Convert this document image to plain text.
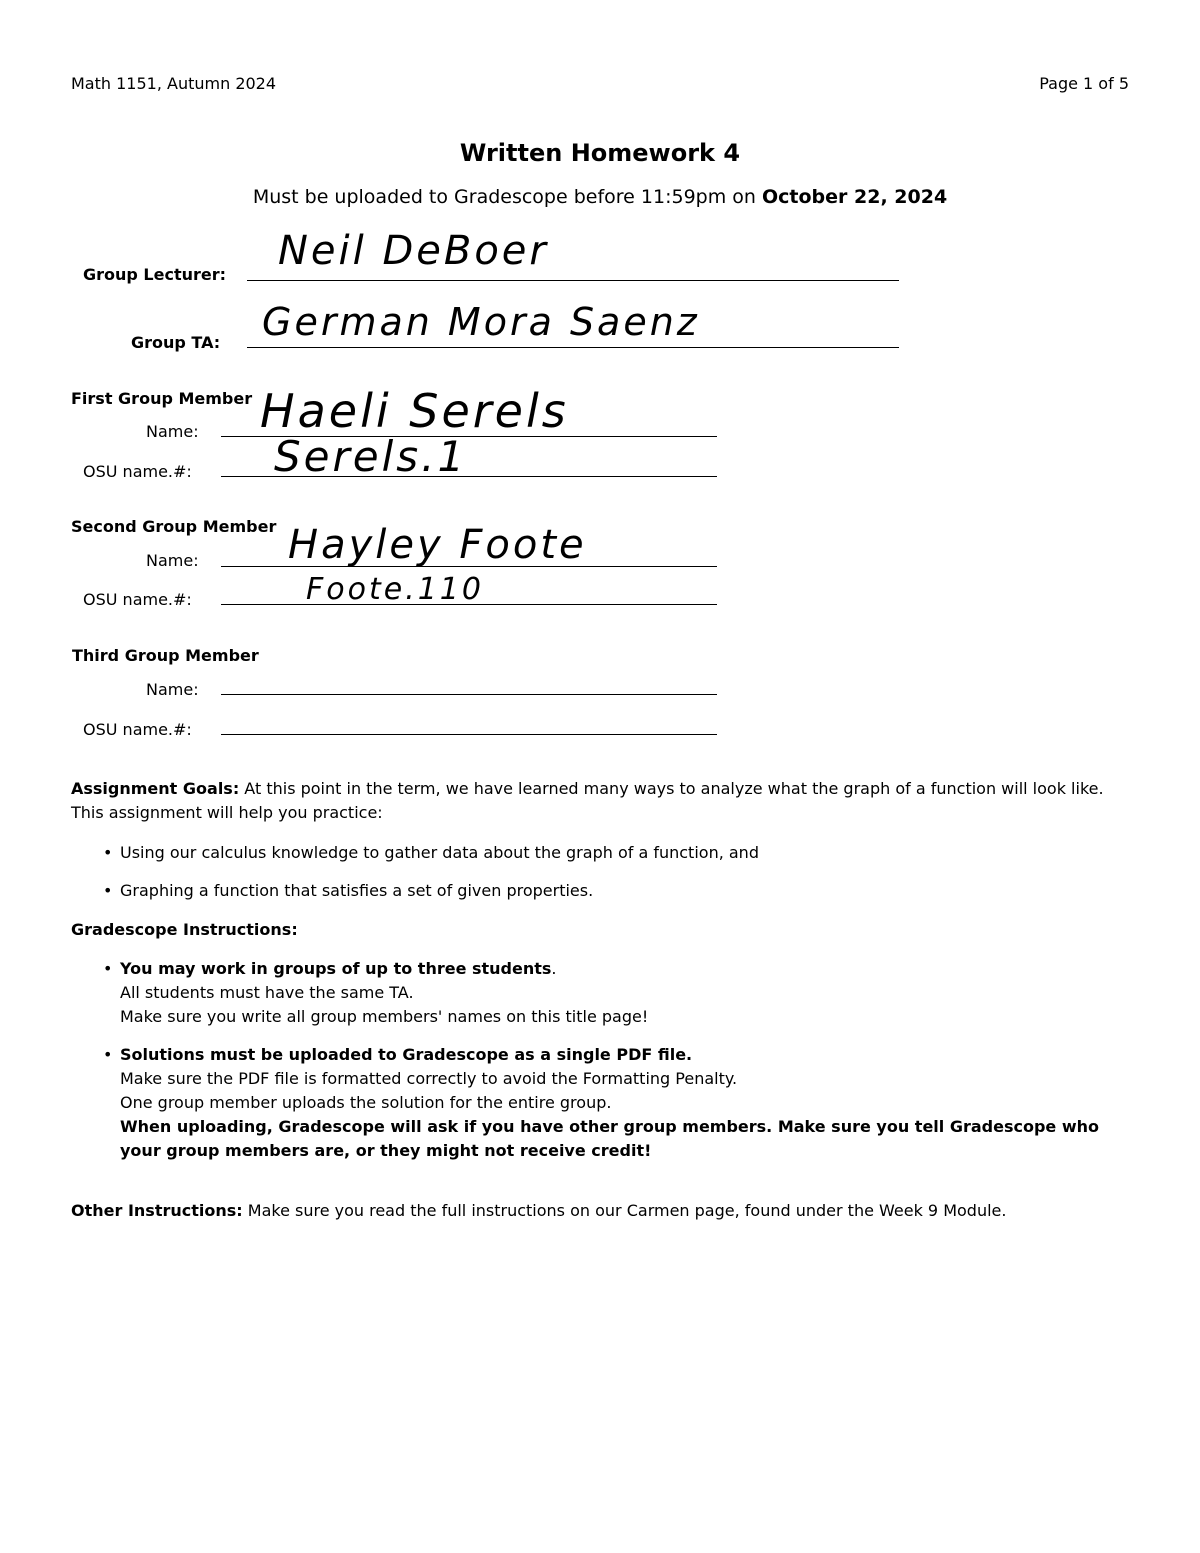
Math 1151, Autumn 2024	Page 1 of 5
Written Homework 4
Must be uploaded to Gradescope before 11:59pm on October 22, 2024
Group Lecturer:
Neil DeBoer
Group TA: German Mora Saenz
First Group Member
Name: Haeli Serels
OSU name.#: Serels.1
Second Group Member
Name: Hayley Foote
OSU name.#:	Foote.110
Third Group Member
Name:
OSU name.#:
Assignment Goals: At this point in the term, we have learned many ways to analyze what the graph of a function will look like. This assignment will help you practice:
• Using our calculus knowledge to gather data about the graph of a function, and
• Graphing a function that satisfies a set of given properties.
Gradescope Instructions:
• You may work in groups of up to three students.
All students must have the same TA.
Make sure you write all group members' names on this title page!
• Solutions must be uploaded to Gradescope as a single PDF file.
Make sure the PDF file is formatted correctly to avoid the Formatting Penalty.
One group member uploads the solution for the entire group.
When uploading, Gradescope will ask if you have other group members. Make sure you tell Gradescope who your group members are, or they might not receive credit!
Other Instructions: Make sure you read the full instructions on our Carmen page, found under the Week 9 Module.
